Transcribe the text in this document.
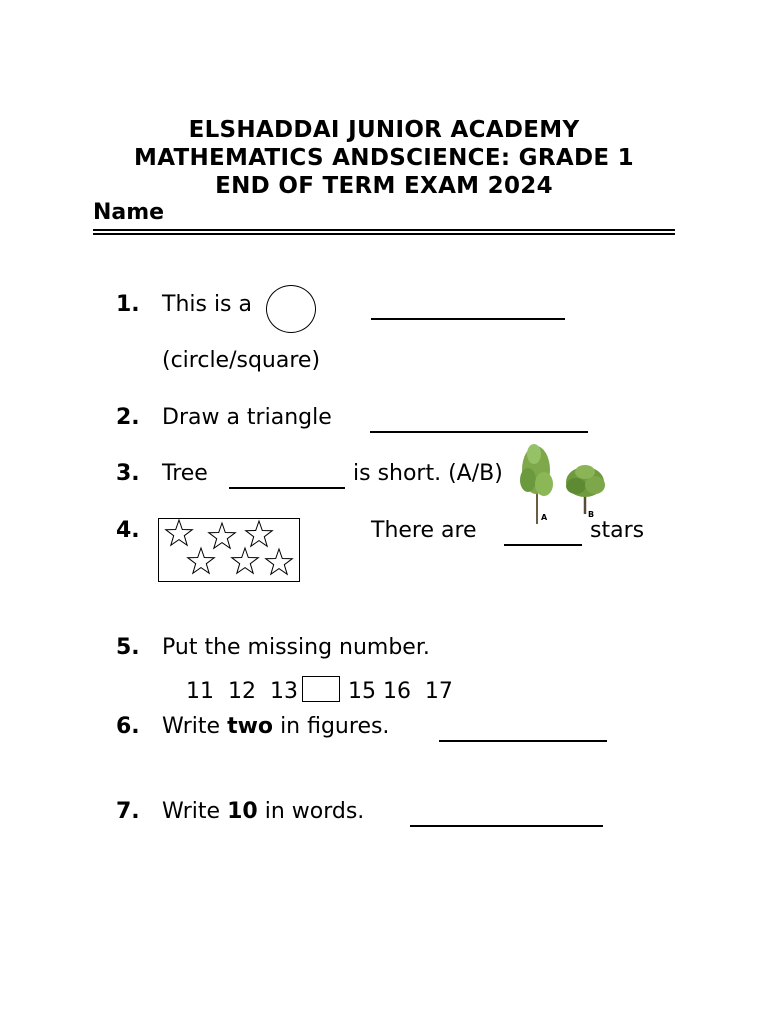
ELSHADDAI JUNIOR ACADEMY
MATHEMATICS ANDSCIENCE: GRADE 1
END OF TERM EXAM 2024
Name
1. This is a
(circle/square)
2. Draw a triangle
3. Tree	is short. (A/B)
A	B
4.	There are	stars
5. Put the missing number.
11  12  13 15 16  17
6. Write two in figures.
7. Write 10 in words.
